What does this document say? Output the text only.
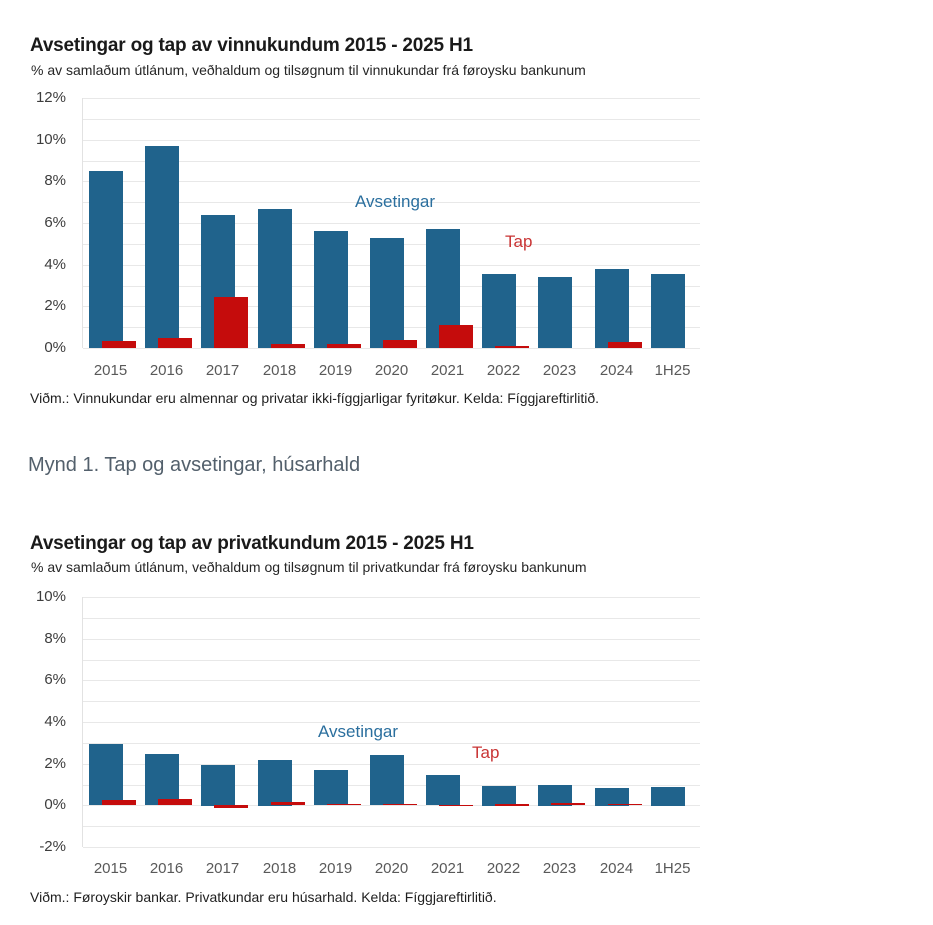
Avsetingar og tap av vinnukundum 2015 - 2025 H1
% av samlaðum útlánum, veðhaldum og tilsøgnum til vinnukundar frá føroysku bankunum
12%
10%
8%
6%
4%
2%
0%
Avsetingar
Tap
2015	2016	2017	2018	2019	2020	2021	2022	2023	2024	1H25
Viðm.: Vinnukundar eru almennar og privatar ikki-fíggjarligar fyritøkur. Kelda: Fíggjareftirlitið.
Mynd 1. Tap og avsetingar, húsarhald
Avsetingar og tap av privatkundum 2015 - 2025 H1
% av samlaðum útlánum, veðhaldum og tilsøgnum til privatkundar frá føroysku bankunum
10%
8%
6%
4%
2%
0%
-2%
Avsetingar
Tap
2015	2016	2017	2018	2019	2020	2021	2022	2023	2024	1H25
Viðm.: Føroyskir bankar. Privatkundar eru húsarhald. Kelda: Fíggjareftirlitið.
